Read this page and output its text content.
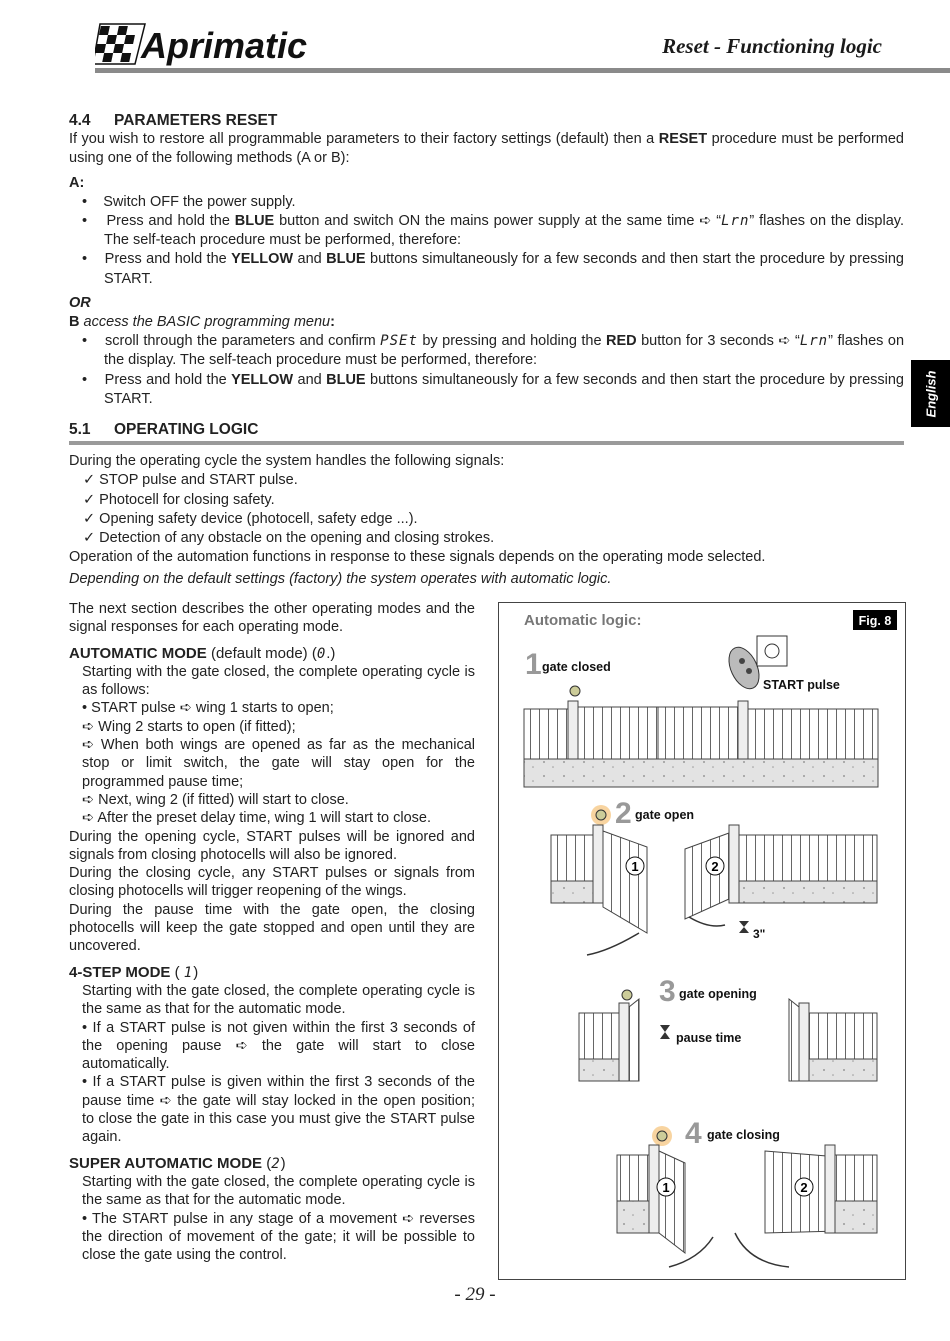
Aprimatic	Reset - Functioning logic
English
4.4 PARAMETERS RESET

If you wish to restore all programmable parameters to their factory settings (default) then a RESET procedure must be performed using one of the following methods (A or B):

A:

•    Switch OFF the power supply.

•    Press and hold the BLUE button and switch ON the mains power supply at the same time ➪ “Lrn” flashes on the display. The self-teach procedure must be performed, therefore:

•    Press and hold the YELLOW and BLUE buttons simultaneously for a few seconds and then start the procedure by pressing START.

OR

B access the BASIC programming menu:

•    scroll through the parameters and confirm PSEt by pressing and holding the RED button for 3 seconds ➪ “Lrn” flashes on the display. The self-teach procedure must be performed, therefore:

•    Press and hold the YELLOW and BLUE buttons simultaneously for a few seconds and then start the procedure by pressing START.

5.1 OPERATING LOGIC

During the operating cycle the system handles the following signals:

✓ STOP pulse and START pulse.

✓ Photocell for closing safety.

✓ Opening safety device (photocell, safety edge ...).

✓ Detection of any obstacle on the opening and closing strokes.

Operation of the automation functions in response to these signals depends on the operating mode selected.

Depending on the default settings (factory) the system operates with automatic logic.

The next section describes the other operating modes and the signal responses for each operating mode.

AUTOMATIC MODE (default mode) (0.)

Starting with the gate closed, the complete operating cycle is as follows:

• START pulse ➪ wing 1 starts to open;

➪ Wing 2 starts to open (if fitted);

➪ When both wings are opened as far as the mechanical stop or limit switch, the gate will stay open for the programmed pause time;

➪ Next, wing 2 (if fitted) will start to close.

➪ After the preset delay time, wing 1 will start to close.

During the opening cycle, START pulses will be ignored and signals from closing photocells will also be ignored.

During the closing cycle, any START pulses or signals from closing photocells will trigger reopening of the wings.

During the pause time with the gate open, the closing photocells will keep the gate stopped and open until they are uncovered.

4-STEP MODE ( 1)

Starting with the gate closed, the complete operating cycle is the same as that for the automatic mode.

• If a START pulse is not given within the first 3 seconds of the opening pause ➪ the gate will start to close automatically.

• If a START pulse is given within the first 3 seconds of the pause time ➪ the gate will stay locked in the open position; to close the gate in this case you must give the START pulse again.

SUPER AUTOMATIC MODE (2)

Starting with the gate closed, the complete operating cycle is the same as that for the automatic mode.

• The START pulse in any stage of a movement ➪ reverses the direction of movement of the gate; it will be possible to close the gate using the control.

Automatic logic:	Fig. 8
1 gate closed
START pulse
2 gate open
1	2
3"
3 gate opening
pause time
4 gate closing
1	2
- 29 -
